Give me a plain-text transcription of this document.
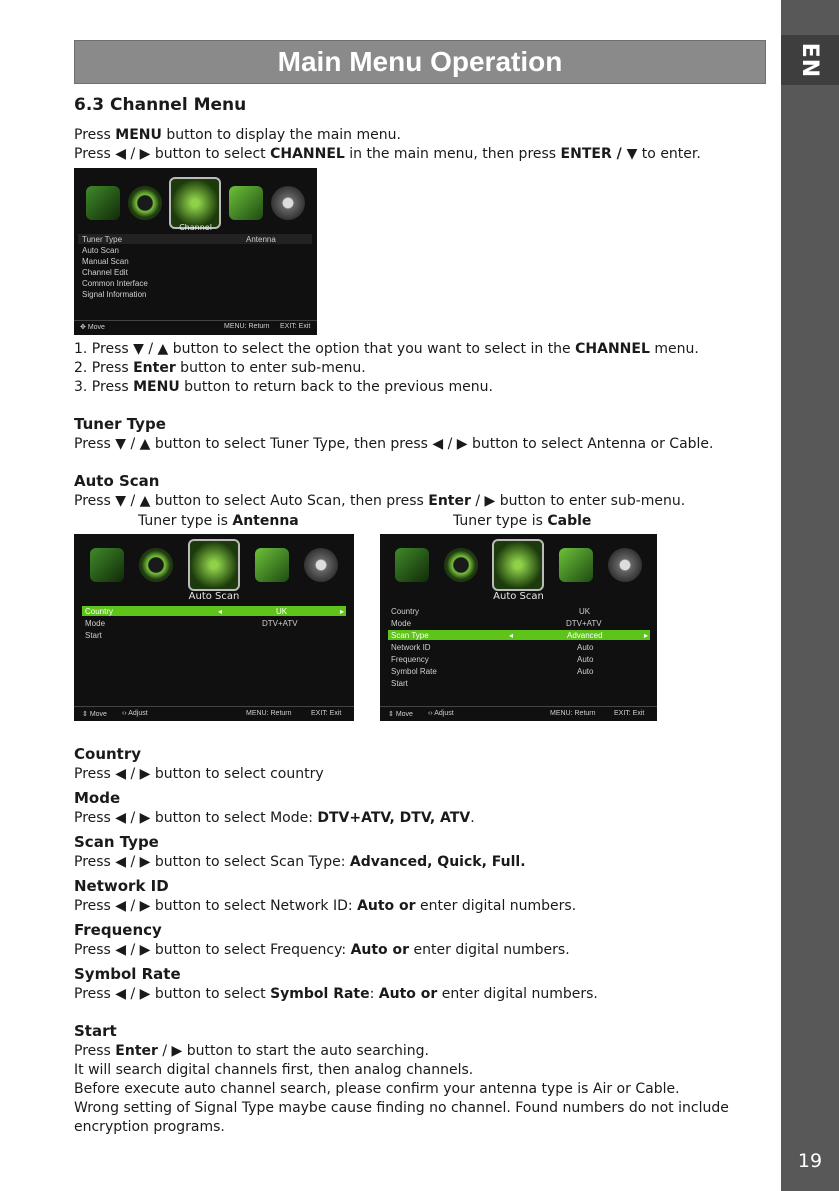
EN
19
Main Menu Operation
6.3 Channel Menu
Press MENU button to display the main menu.
Press ◀ / ▶ button to select CHANNEL in the main menu, then press ENTER / ▼ to enter.
Channel
Tuner Type	Antenna
Auto Scan
Manual Scan
Channel Edit
Common Interface
Signal Information
✥ Move	MENU: Return EXIT: Exit
1. Press ▼ / ▲ button to select the option that you want to select in the CHANNEL menu.
2. Press Enter button to enter sub-menu.
3. Press MENU button to return back to the previous menu.
Tuner Type
Press ▼ / ▲ button to select Tuner Type, then press ◀ / ▶ button to select Antenna or Cable.
Auto Scan
Press ▼ / ▲ button to select Auto Scan, then press Enter / ▶ button to enter sub-menu.
Tuner type is Antenna	Tuner type is Cable
Auto Scan
Country	◂	UK	▸
Mode	DTV+ATV
Start
⇕ Move ‹› Adjust	MENU: Return	EXIT: Exit
Auto Scan
Country	UK
Mode	DTV+ATV
Scan Type	◂	Advanced	▸
Network ID	Auto
Frequency	Auto
Symbol Rate	Auto
Start
⇕ Move ‹› Adjust	MENU: Return	EXIT: Exit
Country
Press ◀ / ▶ button to select country
Mode
Press ◀ / ▶ button to select Mode: DTV+ATV, DTV, ATV.
Scan Type
Press ◀ / ▶ button to select Scan Type: Advanced, Quick, Full.
Network ID
Press ◀ / ▶ button to select Network ID: Auto or enter digital numbers.
Frequency
Press ◀ / ▶ button to select Frequency: Auto or enter digital numbers.
Symbol Rate
Press ◀ / ▶ button to select Symbol Rate: Auto or enter digital numbers.
Start
Press Enter / ▶ button to start the auto searching.
It will search digital channels first, then analog channels.
Before execute auto channel search, please confirm your antenna type is Air or Cable.
Wrong setting of Signal Type maybe cause finding no channel. Found numbers do not include
encryption programs.
